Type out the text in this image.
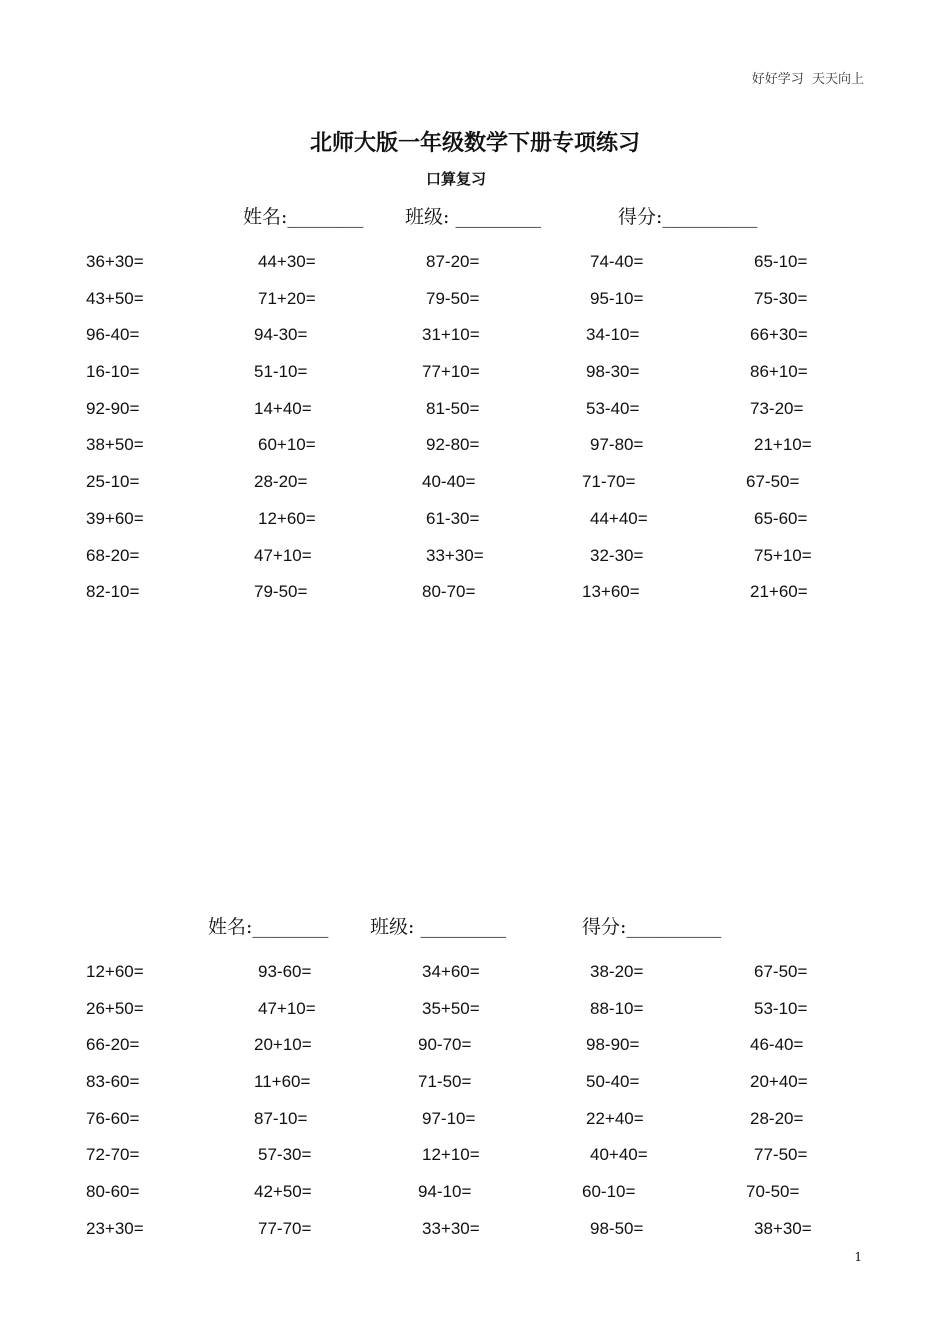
好好学习  天天向上
北师大版一年级数学下册专项练习
口算复习

姓名:________

班级: _________

	得分:__________

36+30=	44+30=	87-20=	74-40=	65-10=
43+50=	71+20=	79-50=	95-10=	75-30=
96-40=	94-30=	31+10=	34-10=	66+30=
16-10=	51-10=	77+10=	98-30=	86+10=
92-90=	14+40=	81-50=	53-40=	73-20=
38+50=	60+10=	92-80=	97-80=	21+10=
25-10=	28-20=	40-40=	71-70=	67-50=
39+60=	12+60=	61-30=	44+40=	65-60=
68-20=	47+10=	33+30=	32-30=	75+10=
82-10=	79-50=	80-70=	13+60=	21+60=

姓名:________

班级: _________

	得分:__________

12+60=	93-60=	34+60=	38-20=	67-50=
26+50=	47+10=	35+50=	88-10=	53-10=
66-20=	20+10=	90-70=	98-90=	46-40=
83-60=	11+60=	71-50=	50-40=	20+40=
76-60=	87-10=	97-10=	22+40=	28-20=
72-70=	57-30=	12+10=	40+40=	77-50=
80-60=	42+50=	94-10=	60-10=	70-50=
23+30=	77-70=	33+30=	98-50=	38+30=
1
